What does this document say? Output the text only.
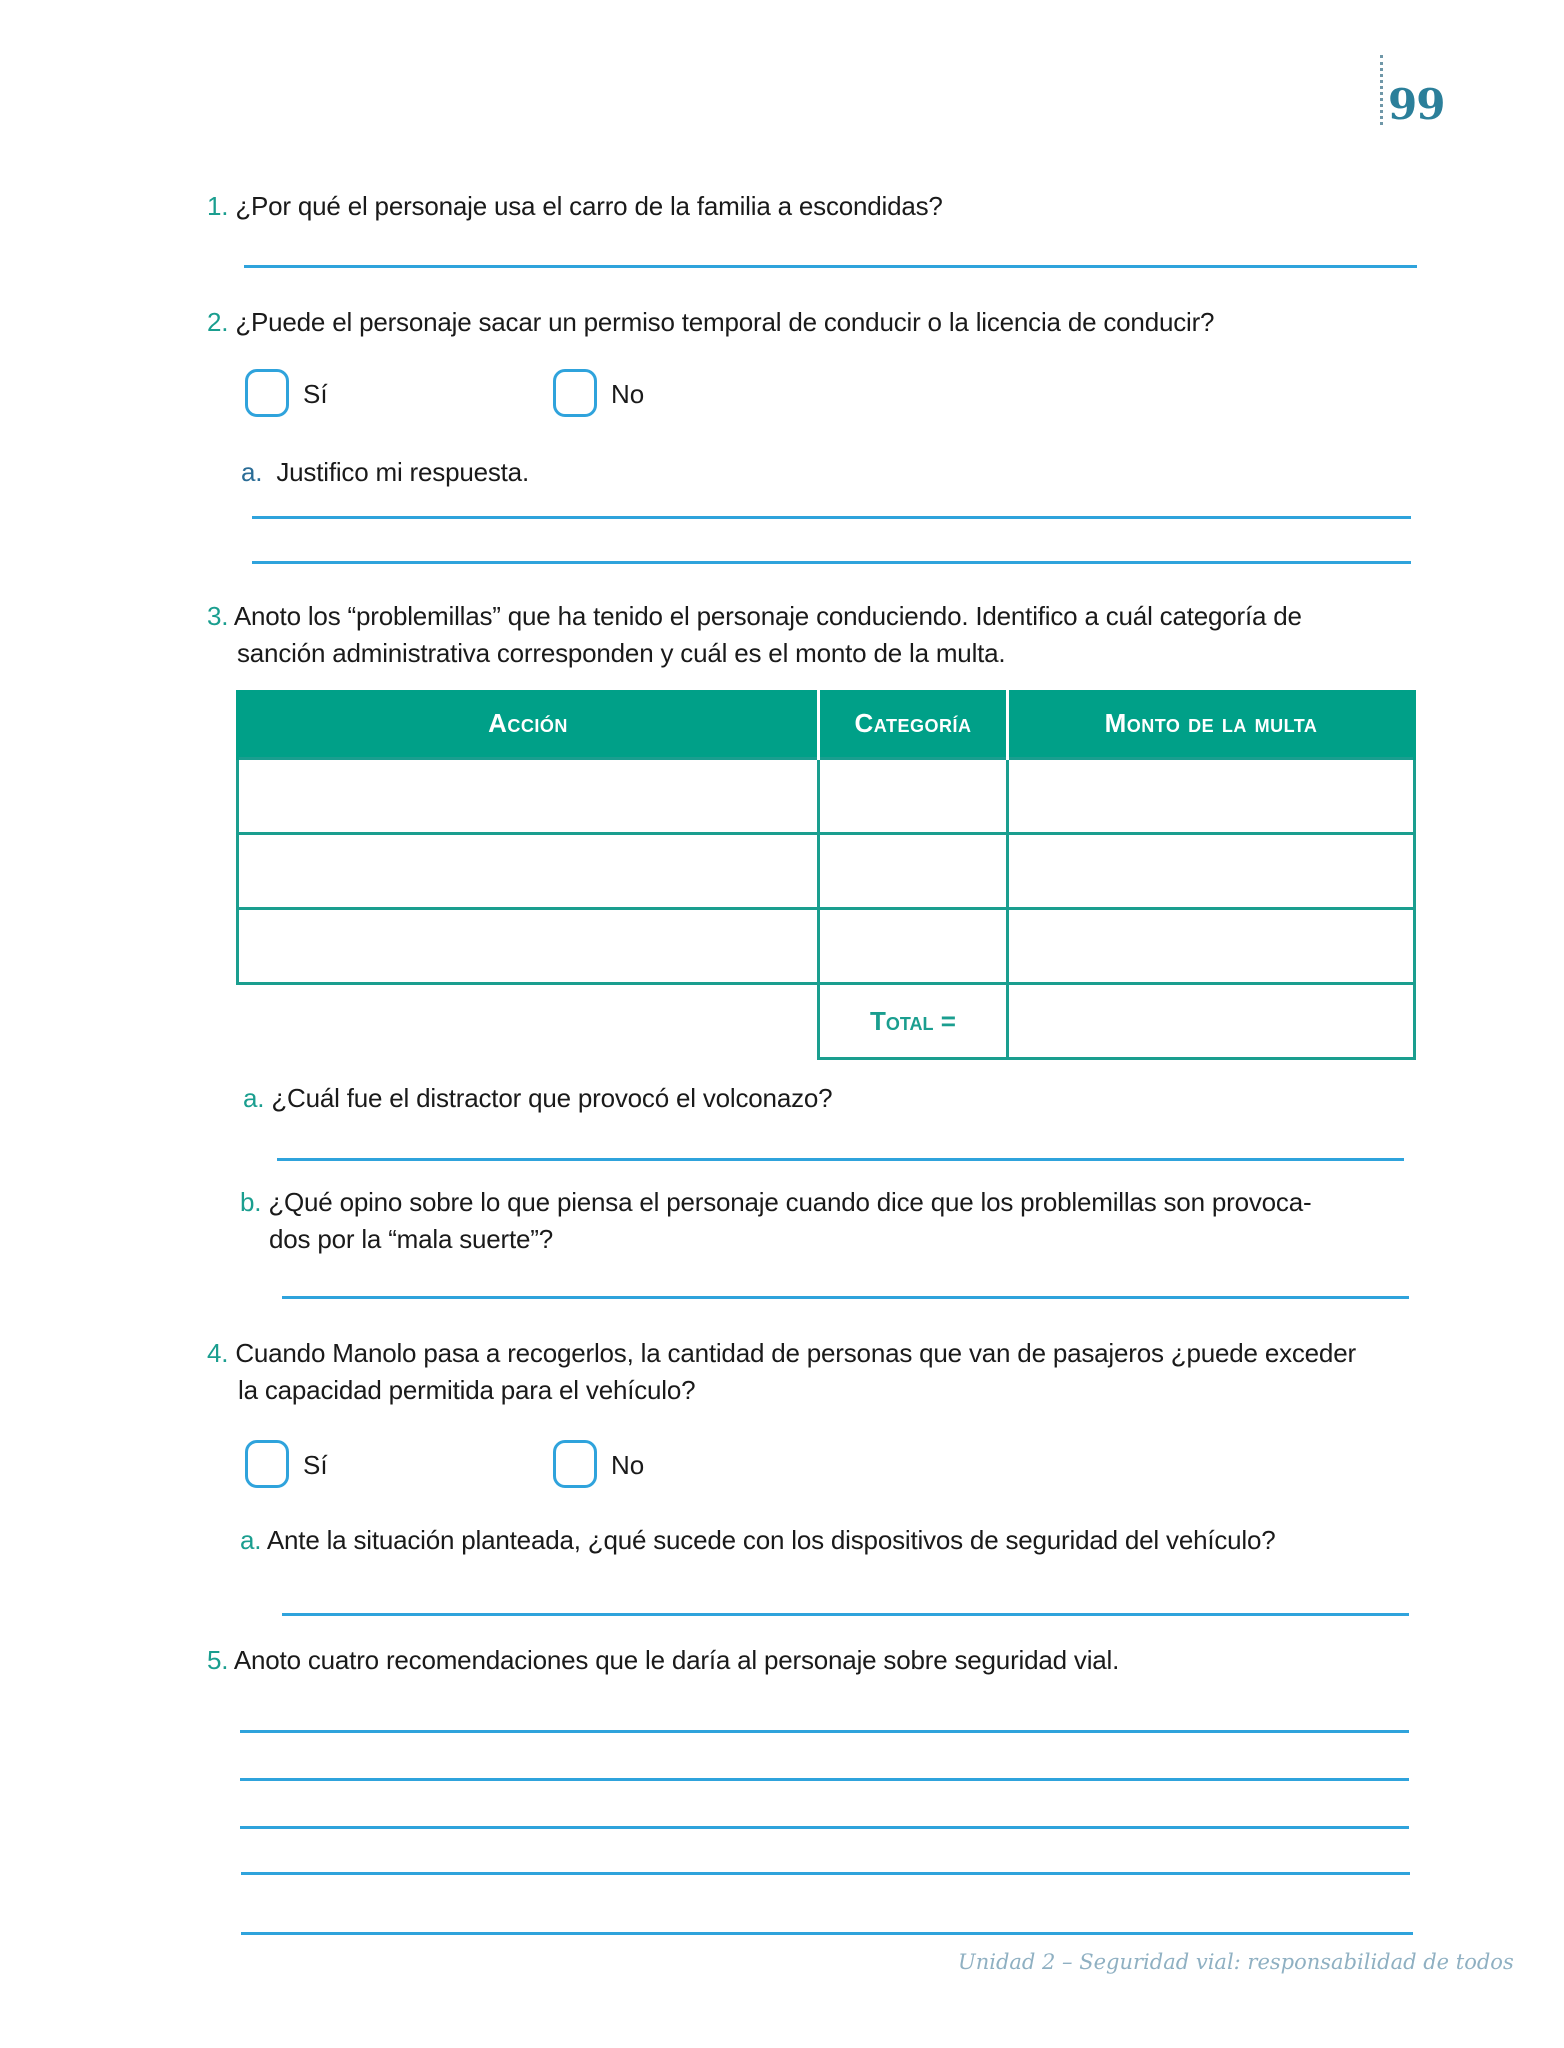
99
1. ¿Por qué el personaje usa el carro de la familia a escondidas?
2. ¿Puede el personaje sacar un permiso temporal de conducir o la licencia de conducir?
Sí	No
a. Justifico mi respuesta.
3. Anoto los “problemillas” que ha tenido el personaje conduciendo. Identifico a cuál categoría de
sanción administrativa corresponden y cuál es el monto de la multa.
Acción	Categoría	Monto de la multa

	Total =	
a. ¿Cuál fue el distractor que provocó el volconazo?
b. ¿Qué opino sobre lo que piensa el personaje cuando dice que los problemillas son provoca-
dos por la “mala suerte”?
4. Cuando Manolo pasa a recogerlos, la cantidad de personas que van de pasajeros ¿puede exceder
la capacidad permitida para el vehículo?
Sí	No
a. Ante la situación planteada, ¿qué sucede con los dispositivos de seguridad del vehículo?
5. Anoto cuatro recomendaciones que le daría al personaje sobre seguridad vial.
Unidad 2 – Seguridad vial: responsabilidad de todos
